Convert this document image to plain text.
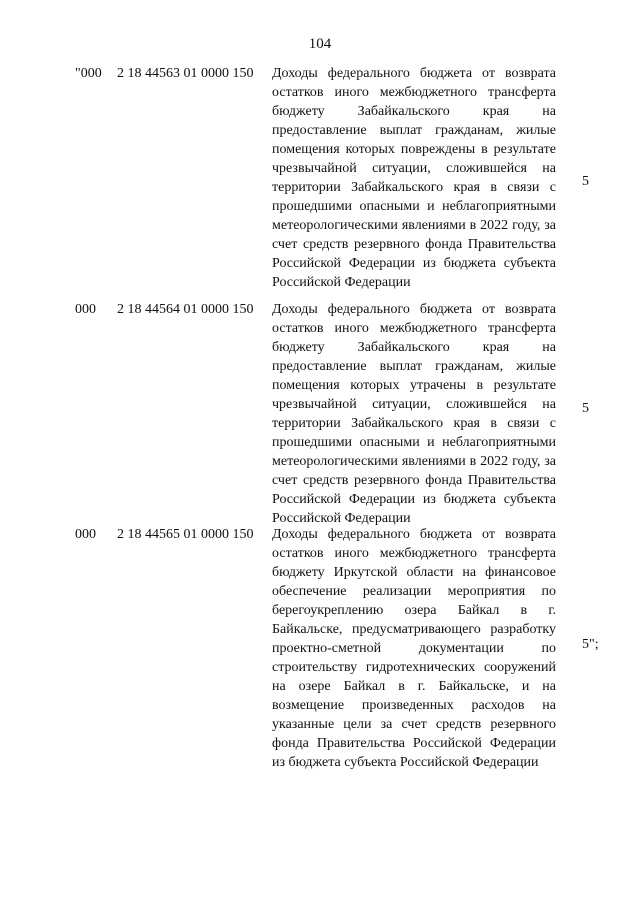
104
"000 2 18 44563 01 0000 150 Доходы федерального бюджета от возврата остатков иного межбюджетного трансферта бюджету Забайкальского края на предоставление выплат гражданам, жилые помещения которых повреждены в результате чрезвычайной ситуации, сложившейся на территории Забайкальского края в связи с прошедшими опасными и неблагоприятными метеорологическими явлениями в 2022 году, за счет средств резервного фонда Правительства Российской Федерации из бюджета субъекта Российской Федерации
5
000 2 18 44564 01 0000 150 Доходы федерального бюджета от возврата остатков иного межбюджетного трансферта бюджету Забайкальского края на предоставление выплат гражданам, жилые помещения которых утрачены в результате чрезвычайной ситуации, сложившейся на территории Забайкальского края в связи с прошедшими опасными и неблагоприятными метеорологическими явлениями в 2022 году, за счет средств резервного фонда Правительства Российской Федерации из бюджета субъекта Российской Федерации
5
000 2 18 44565 01 0000 150 Доходы федерального бюджета от возврата остатков иного межбюджетного трансферта бюджету Иркутской области на финансовое обеспечение реализации мероприятия по берегоукреплению озера Байкал в г. Байкальске, предусматривающего разработку проектно-сметной документации по строительству гидротехнических сооружений на озере Байкал в г. Байкальске, и на возмещение произведенных расходов на указанные цели за счет средств резервного фонда Правительства Российской Федерации из бюджета субъекта Российской Федерации
5";
